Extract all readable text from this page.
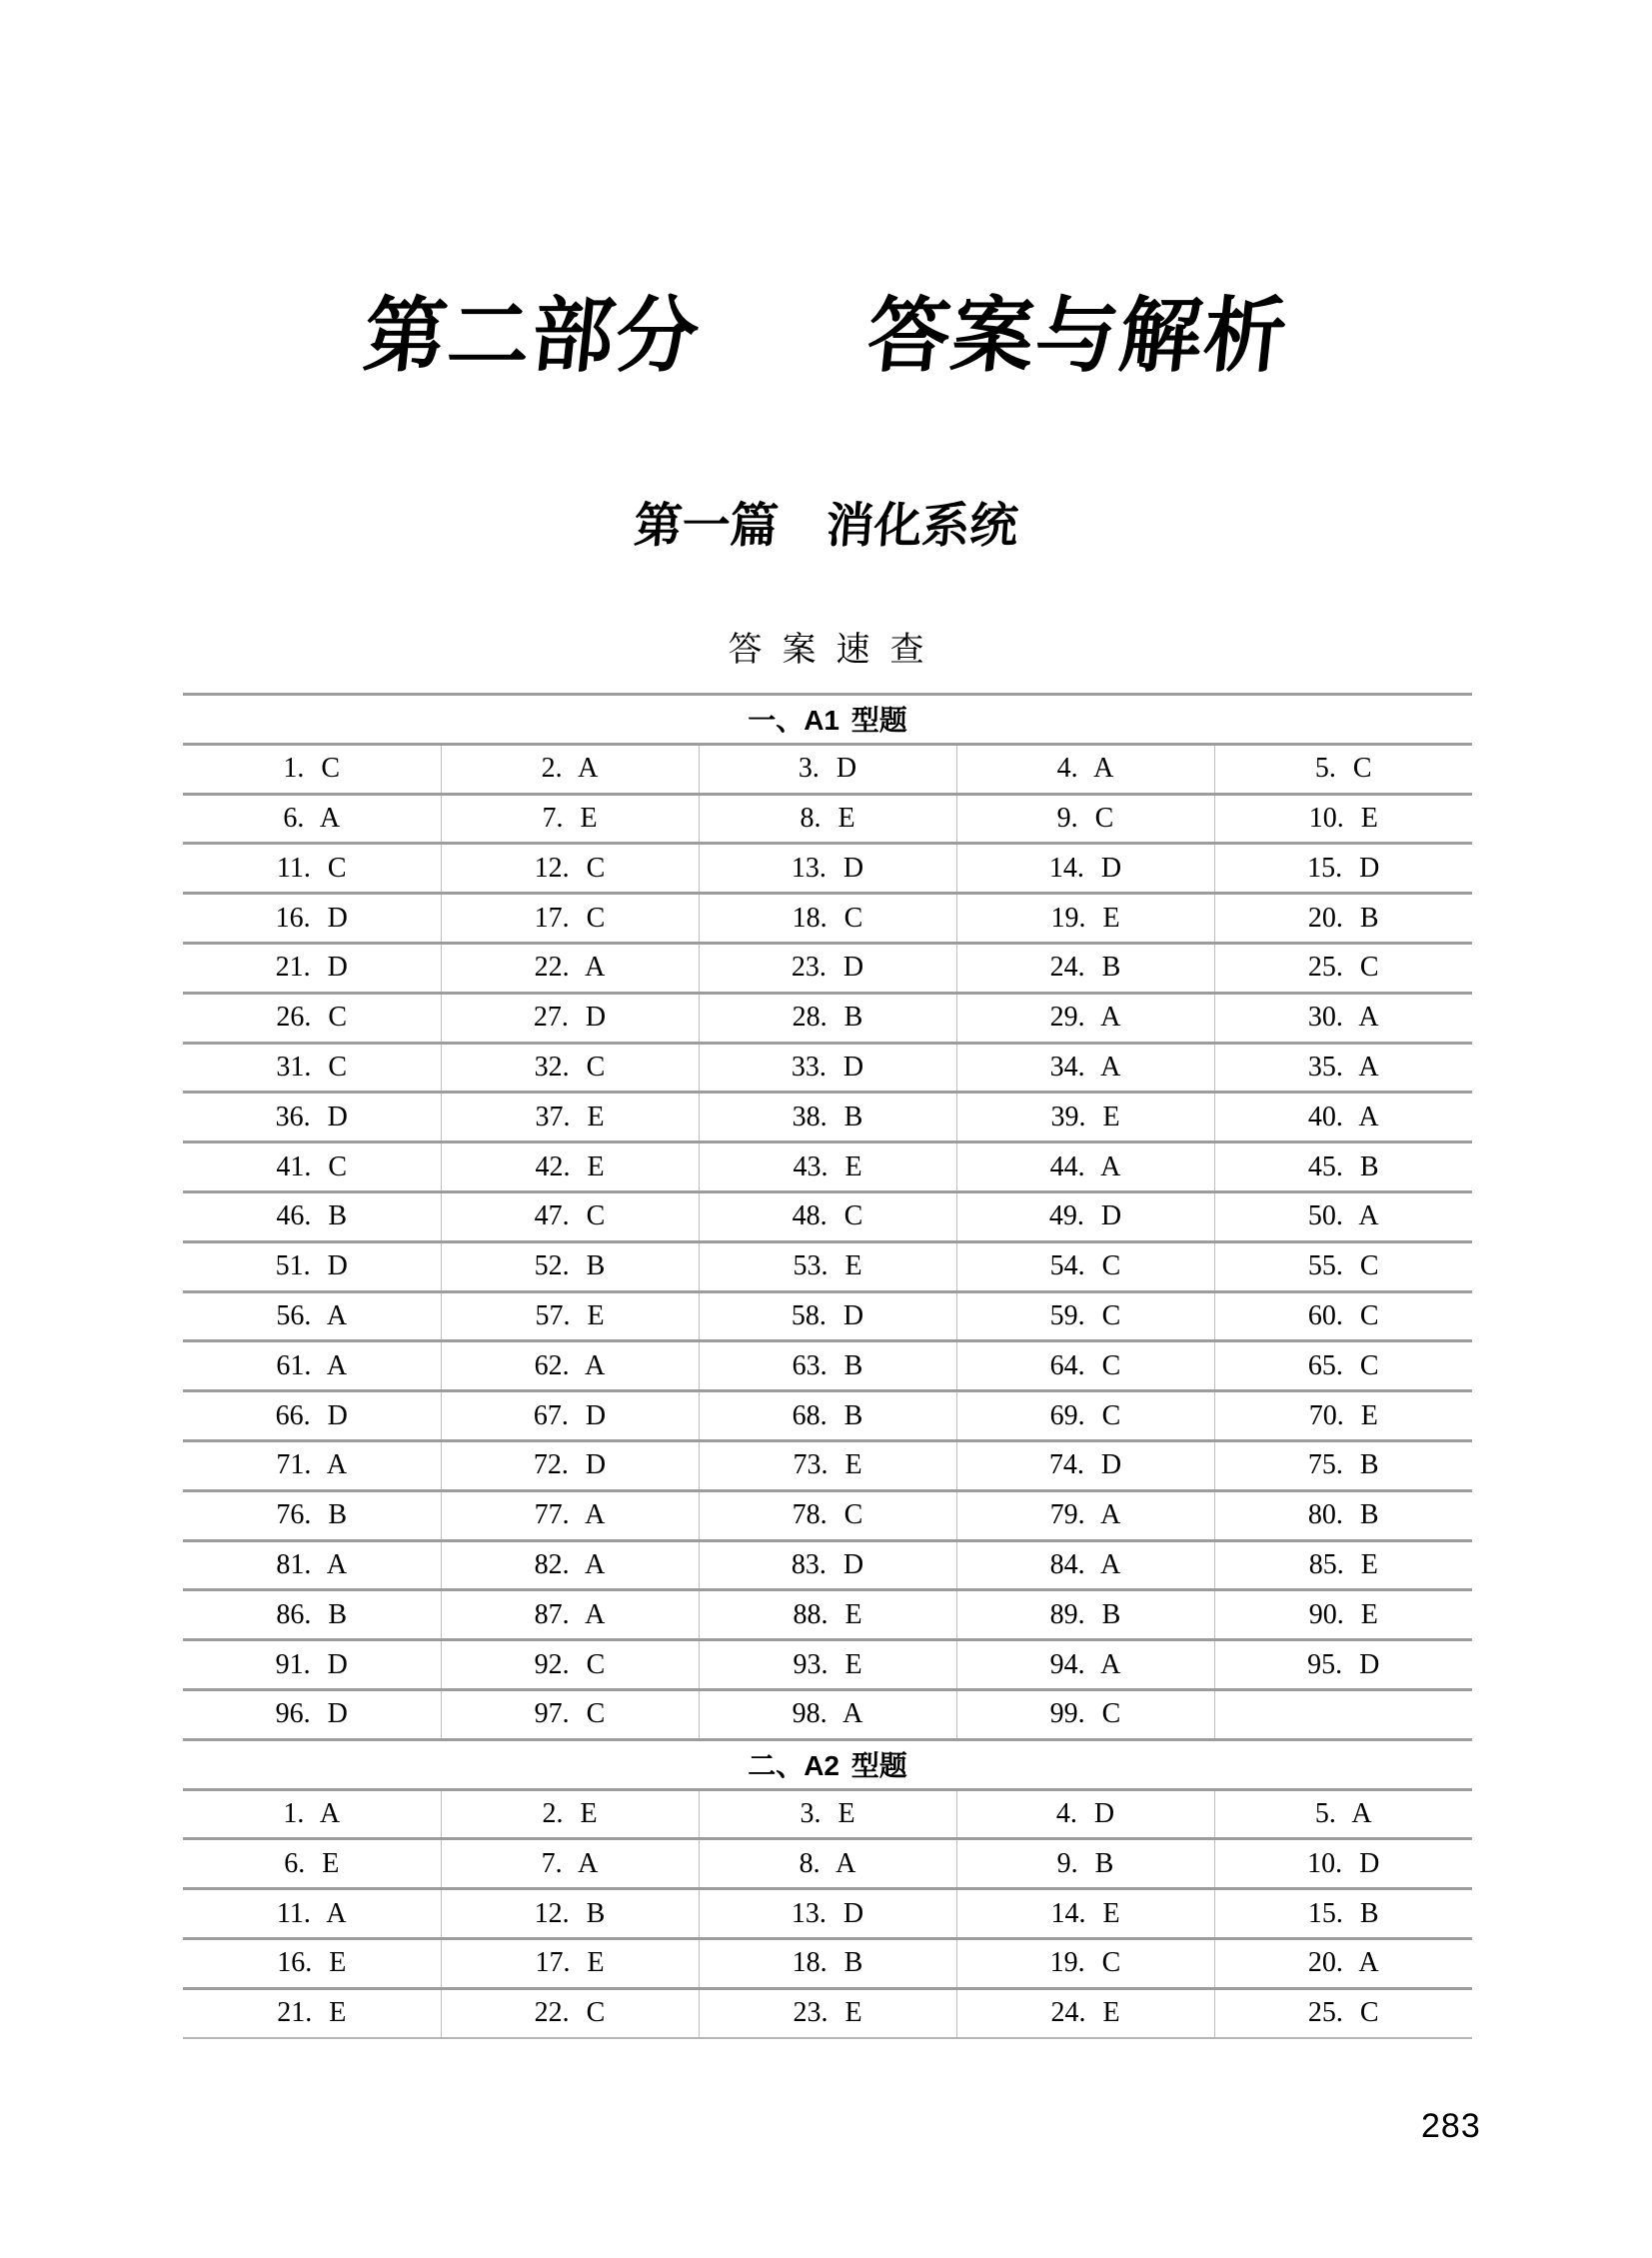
第二部分　　答案与解析
第一篇　消化系统
答案速查
一、A1 型题				
1. C	2. A	3. D	4. A	5. C
6. A	7. E	8. E	9. C	10. E
11. C	12. C	13. D	14. D	15. D
16. D	17. C	18. C	19. E	20. B
21. D	22. A	23. D	24. B	25. C
26. C	27. D	28. B	29. A	30. A
31. C	32. C	33. D	34. A	35. A
36. D	37. E	38. B	39. E	40. A
41. C	42. E	43. E	44. A	45. B
46. B	47. C	48. C	49. D	50. A
51. D	52. B	53. E	54. C	55. C
56. A	57. E	58. D	59. C	60. C
61. A	62. A	63. B	64. C	65. C
66. D	67. D	68. B	69. C	70. E
71. A	72. D	73. E	74. D	75. B
76. B	77. A	78. C	79. A	80. B
81. A	82. A	83. D	84. A	85. E
86. B	87. A	88. E	89. B	90. E
91. D	92. C	93. E	94. A	95. D
96. D	97. C	98. A	99. C	
二、A2 型题				
1. A	2. E	3. E	4. D	5. A
6. E	7. A	8. A	9. B	10. D
11. A	12. B	13. D	14. E	15. B
16. E	17. E	18. B	19. C	20. A
21. E	22. C	23. E	24. E	25. C
283
